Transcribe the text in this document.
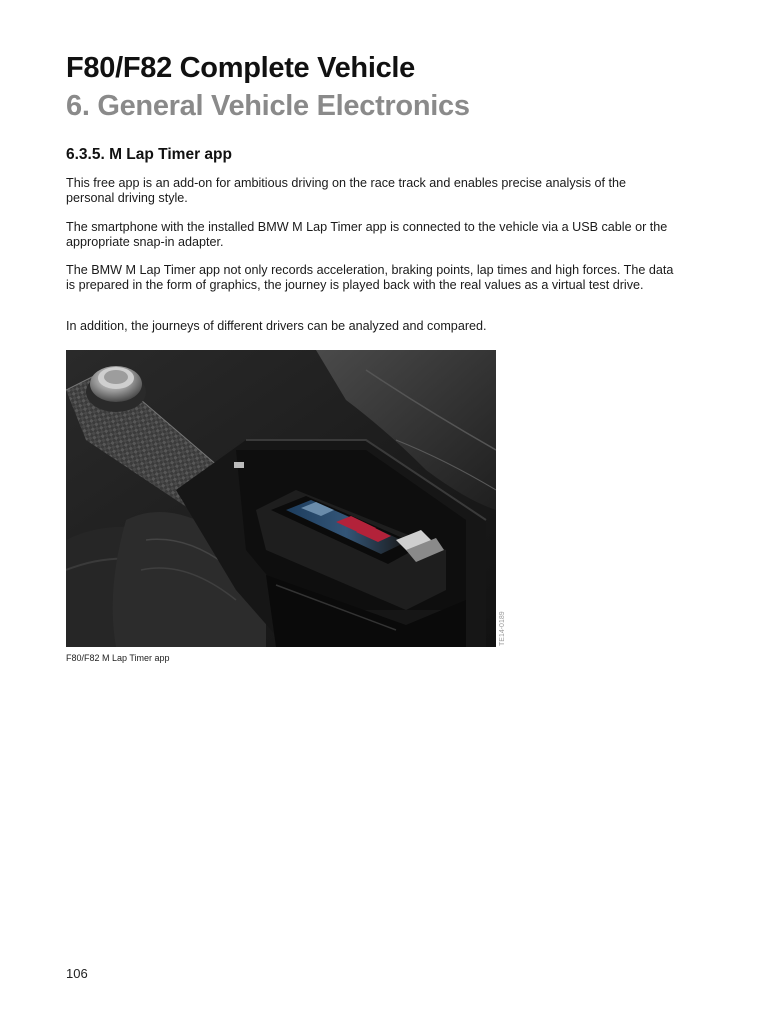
F80/F82 Complete Vehicle
6. General Vehicle Electronics
6.3.5. M Lap Timer app

This free app is an add-on for ambitious driving on the race track and enables precise analysis of the personal driving style.

The smartphone with the installed BMW M Lap Timer app is connected to the vehicle via a USB cable or the appropriate snap-in adapter.

The BMW M Lap Timer app not only records acceleration, braking points, lap times and high forces. The data is prepared in the form of graphics, the journey is played back with the real values as a virtual test drive.

In addition, the journeys of different drivers can be analyzed and compared.

TE14-0189

F80/F82 M Lap Timer app

106
